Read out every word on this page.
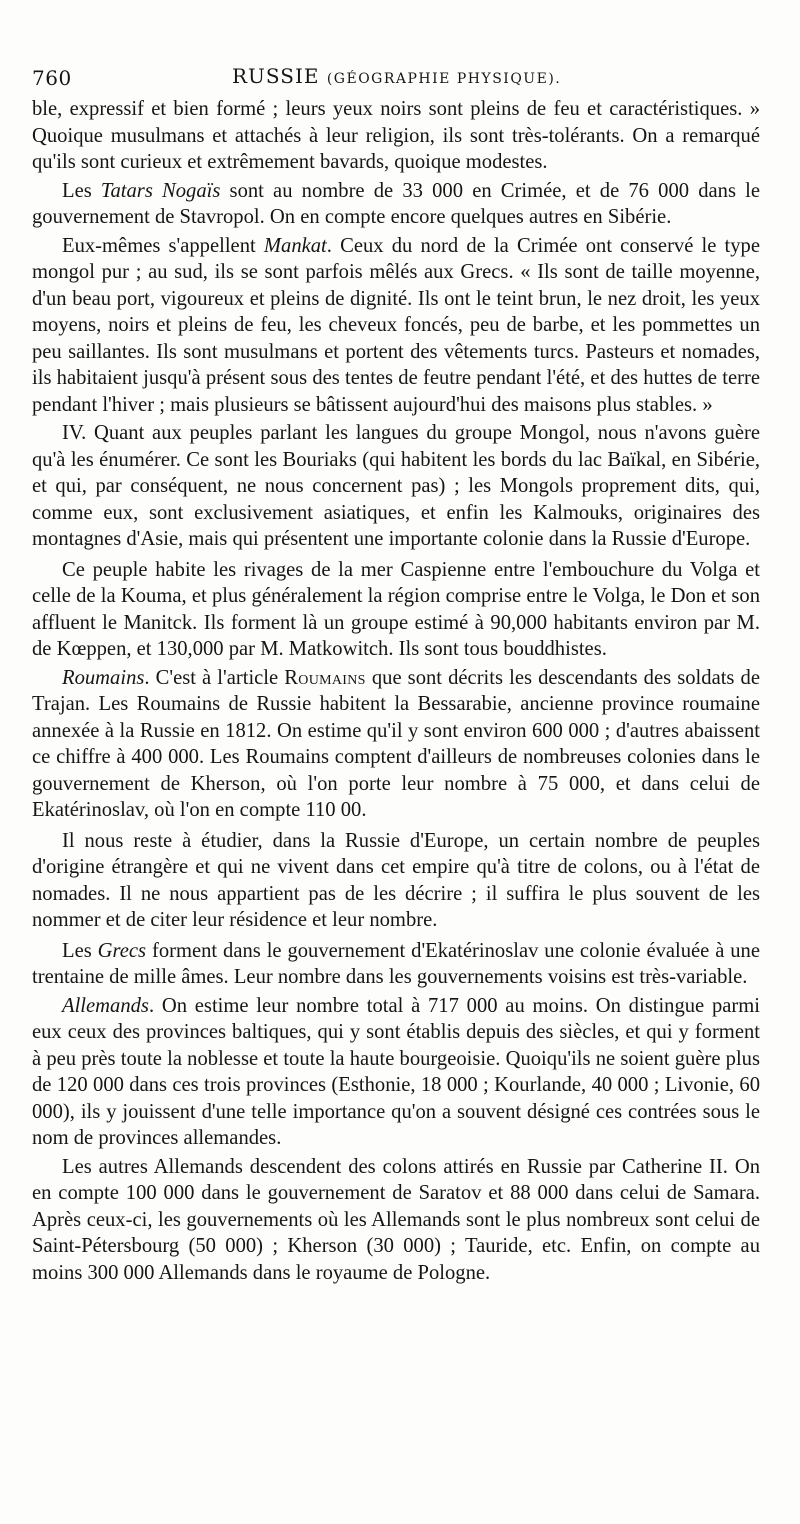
760	RUSSIE (GÉOGRAPHIE PHYSIQUE).

ble, expressif et bien formé ; leurs yeux noirs sont pleins de feu et caractéristiques. » Quoique musulmans et attachés à leur religion, ils sont très-tolérants. On a remarqué qu'ils sont curieux et extrêmement bavards, quoique modestes.

Les Tatars Nogaïs sont au nombre de 33 000 en Crimée, et de 76 000 dans le gouvernement de Stavropol. On en compte encore quelques autres en Sibérie.

Eux-mêmes s'appellent Mankat. Ceux du nord de la Crimée ont conservé le type mongol pur ; au sud, ils se sont parfois mêlés aux Grecs. « Ils sont de taille moyenne, d'un beau port, vigoureux et pleins de dignité. Ils ont le teint brun, le nez droit, les yeux moyens, noirs et pleins de feu, les cheveux foncés, peu de barbe, et les pommettes un peu saillantes. Ils sont musulmans et portent des vêtements turcs. Pasteurs et nomades, ils habitaient jusqu'à présent sous des tentes de feutre pendant l'été, et des huttes de terre pendant l'hiver ; mais plusieurs se bâtissent aujourd'hui des maisons plus stables. »

IV. Quant aux peuples parlant les langues du groupe Mongol, nous n'avons guère qu'à les énumérer. Ce sont les Bouriaks (qui habitent les bords du lac Baïkal, en Sibérie, et qui, par conséquent, ne nous concernent pas) ; les Mongols proprement dits, qui, comme eux, sont exclusivement asiatiques, et enfin les Kalmouks, originaires des montagnes d'Asie, mais qui présentent une importante colonie dans la Russie d'Europe.

Ce peuple habite les rivages de la mer Caspienne entre l'embouchure du Volga et celle de la Kouma, et plus généralement la région comprise entre le Volga, le Don et son affluent le Manitck. Ils forment là un groupe estimé à 90,000 habitants environ par M. de Kœppen, et 130,000 par M. Matkowitch. Ils sont tous bouddhistes.

Roumains. C'est à l'article Roumains que sont décrits les descendants des soldats de Trajan. Les Roumains de Russie habitent la Bessarabie, ancienne province roumaine annexée à la Russie en 1812. On estime qu'il y sont environ 600 000 ; d'autres abaissent ce chiffre à 400 000. Les Roumains comptent d'ailleurs de nombreuses colonies dans le gouvernement de Kherson, où l'on porte leur nombre à 75 000, et dans celui de Ekatérinoslav, où l'on en compte 110 00.

Il nous reste à étudier, dans la Russie d'Europe, un certain nombre de peuples d'origine étrangère et qui ne vivent dans cet empire qu'à titre de colons, ou à l'état de nomades. Il ne nous appartient pas de les décrire ; il suffira le plus souvent de les nommer et de citer leur résidence et leur nombre.

Les Grecs forment dans le gouvernement d'Ekatérinoslav une colonie évaluée à une trentaine de mille âmes. Leur nombre dans les gouvernements voisins est très-variable.

Allemands. On estime leur nombre total à 717 000 au moins. On distingue parmi eux ceux des provinces baltiques, qui y sont établis depuis des siècles, et qui y forment à peu près toute la noblesse et toute la haute bourgeoisie. Quoiqu'ils ne soient guère plus de 120 000 dans ces trois provinces (Esthonie, 18 000 ; Kourlande, 40 000 ; Livonie, 60 000), ils y jouissent d'une telle importance qu'on a souvent désigné ces contrées sous le nom de provinces allemandes.

Les autres Allemands descendent des colons attirés en Russie par Catherine II. On en compte 100 000 dans le gouvernement de Saratov et 88 000 dans celui de Samara. Après ceux-ci, les gouvernements où les Allemands sont le plus nombreux sont celui de Saint-Pétersbourg (50 000) ; Kherson (30 000) ; Tauride, etc. Enfin, on compte au moins 300 000 Allemands dans le royaume de Pologne.
